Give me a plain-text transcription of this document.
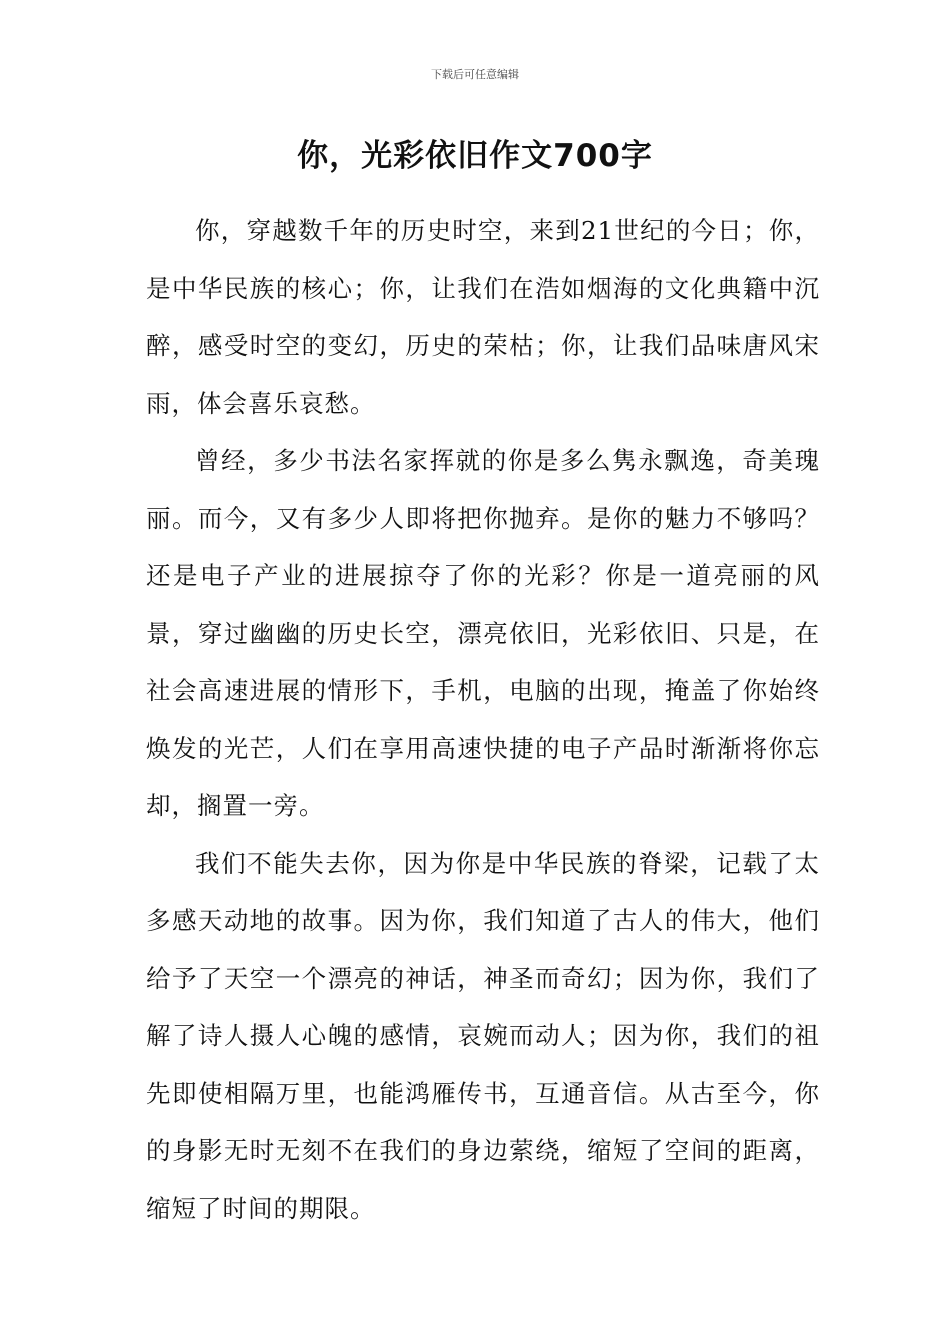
下载后可任意编辑
你，光彩依旧作文700字

你，穿越数千年的历史时空，来到21世纪的今日；你，是中华民族的核心；你，让我们在浩如烟海的文化典籍中沉醉，感受时空的变幻，历史的荣枯；你，让我们品味唐风宋雨，体会喜乐哀愁。

曾经，多少书法名家挥就的你是多么隽永飘逸，奇美瑰丽。而今，又有多少人即将把你抛弃。是你的魅力不够吗？还是电子产业的进展掠夺了你的光彩？你是一道亮丽的风景，穿过幽幽的历史长空，漂亮依旧，光彩依旧、只是，在社会高速进展的情形下，手机，电脑的出现，掩盖了你始终焕发的光芒，人们在享用高速快捷的电子产品时渐渐将你忘却，搁置一旁。

我们不能失去你，因为你是中华民族的脊梁，记载了太多感天动地的故事。因为你，我们知道了古人的伟大，他们给予了天空一个漂亮的神话，神圣而奇幻；因为你，我们了解了诗人摄人心魄的感情，哀婉而动人；因为你，我们的祖先即使相隔万里，也能鸿雁传书，互通音信。从古至今，你的身影无时无刻不在我们的身边萦绕，缩短了空间的距离，缩短了时间的期限。
